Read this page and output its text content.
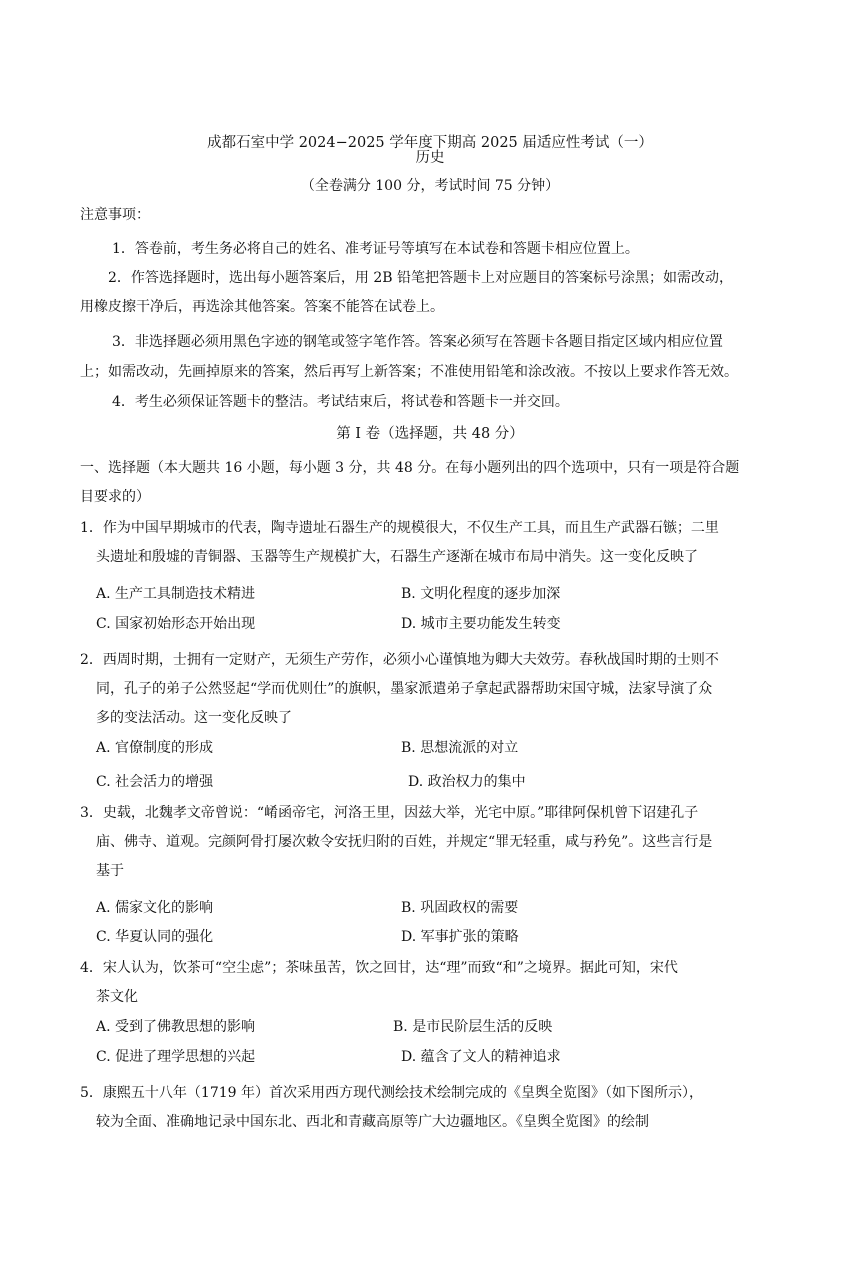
成都石室中学 2024−2025 学年度下期高 2025 届适应性考试（一）
历史
（全卷满分 100 分，考试时间 75 分钟）
注意事项：
1．答卷前，考生务必将自己的姓名、准考证号等填写在本试卷和答题卡相应位置上。
2．作答选择题时，选出每小题答案后，用 2B 铅笔把答题卡上对应题目的答案标号涂黑；如需改动，
用橡皮擦干净后，再选涂其他答案。答案不能答在试卷上。
3．非选择题必须用黑色字迹的钢笔或签字笔作答。答案必须写在答题卡各题目指定区域内相应位置
上；如需改动，先画掉原来的答案，然后再写上新答案；不准使用铅笔和涂改液。不按以上要求作答无效。
4．考生必须保证答题卡的整洁。考试结束后，将试卷和答题卡一并交回。
第 I 卷（选择题，共 48 分）
一、选择题（本大题共 16 小题，每小题 3 分，共 48 分。在每小题列出的四个选项中，只有一项是符合题
目要求的）
1．作为中国早期城市的代表，陶寺遗址石器生产的规模很大，不仅生产工具，而且生产武器石镞；二里
头遗址和殷墟的青铜器、玉器等生产规模扩大，石器生产逐渐在城市布局中消失。这一变化反映了
A. 生产工具制造技术精进	B. 文明化程度的逐步加深
C. 国家初始形态开始出现	D. 城市主要功能发生转变
2．西周时期，士拥有一定财产，无须生产劳作，必须小心谨慎地为卿大夫效劳。春秋战国时期的士则不
同，孔子的弟子公然竖起“学而优则仕”的旗帜，墨家派遣弟子拿起武器帮助宋国守城，法家导演了众
多的变法活动。这一变化反映了
A. 官僚制度的形成	B. 思想流派的对立
C. 社会活力的增强	D. 政治权力的集中
3．史载，北魏孝文帝曾说：“崤函帝宅，河洛王里，因兹大举，光宅中原。”耶律阿保机曾下诏建孔子
庙、佛寺、道观。完颜阿骨打屡次敕令安抚归附的百姓，并规定“罪无轻重，咸与矜免”。这些言行是
基于
A. 儒家文化的影响	B. 巩固政权的需要
C. 华夏认同的强化	D. 军事扩张的策略
4．宋人认为，饮茶可“空尘虑”；茶味虽苦，饮之回甘，达“理”而致“和”之境界。据此可知，宋代
茶文化
A. 受到了佛教思想的影响	B. 是市民阶层生活的反映
C. 促进了理学思想的兴起	D. 蕴含了文人的精神追求
5．康熙五十八年（1719 年）首次采用西方现代测绘技术绘制完成的《皇舆全览图》（如下图所示），
较为全面、准确地记录中国东北、西北和青藏高原等广大边疆地区。《皇舆全览图》的绘制
